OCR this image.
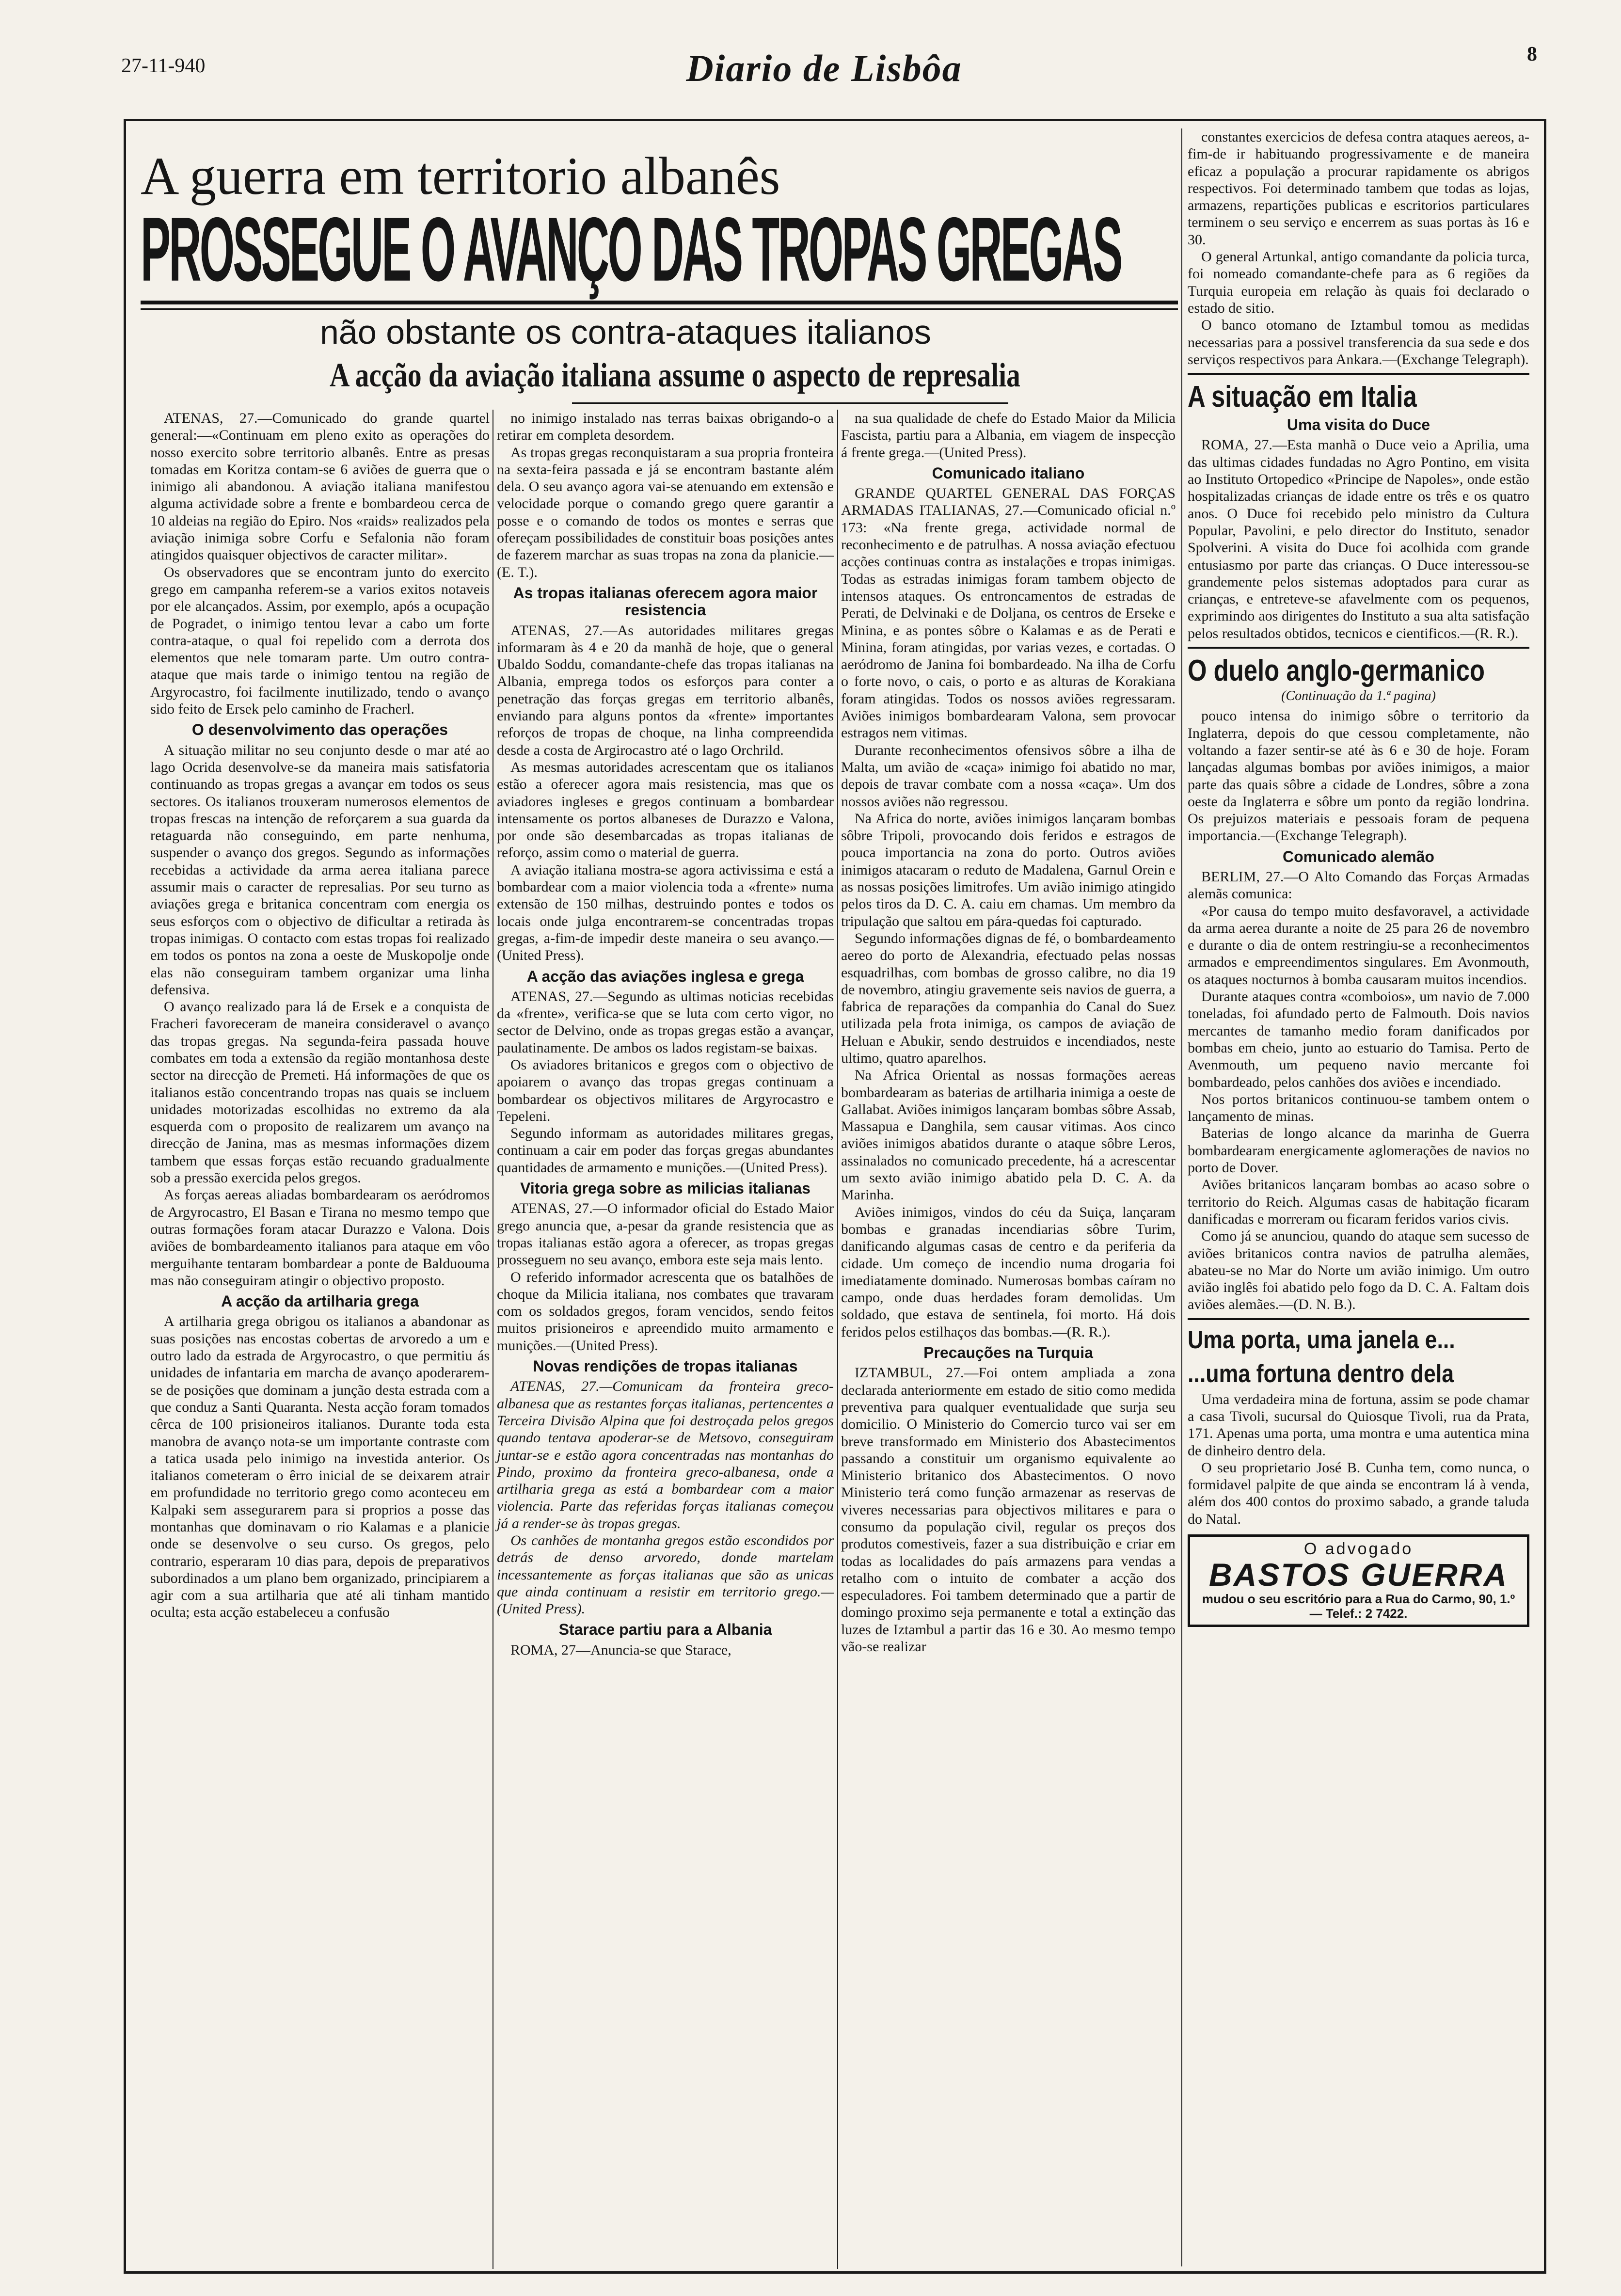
27-11-940	Diario de Lisbôa	8
A guerra em territorio albanês
PROSSEGUE O AVANÇO DAS TROPAS GREGAS
não obstante os contra-ataques italianos
A acção da aviação italiana assume o aspecto de represalia

ATENAS, 27.—Comunicado do grande quartel general:—«Continuam em pleno exito as operações do nosso exercito sobre territorio albanês. Entre as presas tomadas em Koritza contam-se 6 aviões de guerra que o inimigo ali abandonou. A aviação italiana manifestou alguma actividade sobre a frente e bombardeou cerca de 10 aldeias na região do Epiro. Nos «raids» realizados pela aviação inimiga sobre Corfu e Sefalonia não foram atingidos quaisquer objectivos de caracter militar».

Os observadores que se encontram junto do exercito grego em campanha referem-se a varios exitos notaveis por ele alcançados. Assim, por exemplo, após a ocupação de Pogradet, o inimigo tentou levar a cabo um forte contra-ataque, o qual foi repelido com a derrota dos elementos que nele tomaram parte. Um outro contra-ataque que mais tarde o inimigo tentou na região de Argyrocastro, foi facilmente inutilizado, tendo o avanço sido feito de Ersek pelo caminho de Fracherl.

O desenvolvimento das operações

A situação militar no seu conjunto desde o mar até ao lago Ocrida desenvolve-se da maneira mais satisfatoria continuando as tropas gregas a avançar em todos os seus sectores. Os italianos trouxeram numerosos elementos de tropas frescas na intenção de reforçarem a sua guarda da retaguarda não conseguindo, em parte nenhuma, suspender o avanço dos gregos. Segundo as informações recebidas a actividade da arma aerea italiana parece assumir mais o caracter de represalias. Por seu turno as aviações grega e britanica concentram com energia os seus esforços com o objectivo de dificultar a retirada às tropas inimigas. O contacto com estas tropas foi realizado em todos os pontos na zona a oeste de Muskopolje onde elas não conseguiram tambem organizar uma linha defensiva.

O avanço realizado para lá de Ersek e a conquista de Fracheri favoreceram de maneira consideravel o avanço das tropas gregas. Na segunda-feira passada houve combates em toda a extensão da região montanhosa deste sector na direcção de Premeti. Há informações de que os italianos estão concentrando tropas nas quais se incluem unidades motorizadas escolhidas no extremo da ala esquerda com o proposito de realizarem um avanço na direcção de Janina, mas as mesmas informações dizem tambem que essas forças estão recuando gradualmente sob a pressão exercida pelos gregos.

As forças aereas aliadas bombardearam os aeródromos de Argyrocastro, El Basan e Tirana no mesmo tempo que outras formações foram atacar Durazzo e Valona. Dois aviões de bombardeamento italianos para ataque em vôo merguihante tentaram bombardear a ponte de Balduouma mas não conseguiram atingir o objectivo proposto.

A acção da artilharia grega

A artilharia grega obrigou os italianos a abandonar as suas posições nas encostas cobertas de arvoredo a um e outro lado da estrada de Argyrocastro, o que permitiu ás unidades de infantaria em marcha de avanço apoderarem-se de posições que dominam a junção desta estrada com a que conduz a Santi Quaranta. Nesta acção foram tomados cêrca de 100 prisioneiros italianos. Durante toda esta manobra de avanço nota-se um importante contraste com a tatica usada pelo inimigo na investida anterior. Os italianos cometeram o êrro inicial de se deixarem atrair em profundidade no territorio grego como aconteceu em Kalpaki sem assegurarem para si proprios a posse das montanhas que dominavam o rio Kalamas e a planicie onde se desenvolve o seu curso. Os gregos, pelo contrario, esperaram 10 dias para, depois de preparativos subordinados a um plano bem organizado, principiarem a agir com a sua artilharia que até ali tinham mantido oculta; esta acção estabeleceu a confusão

no inimigo instalado nas terras baixas obrigando-o a retirar em completa desordem.

As tropas gregas reconquistaram a sua propria fronteira na sexta-feira passada e já se encontram bastante além dela. O seu avanço agora vai-se atenuando em extensão e velocidade porque o comando grego quere garantir a posse e o comando de todos os montes e serras que ofereçam possibilidades de constituir boas posições antes de fazerem marchar as suas tropas na zona da planicie.—(E. T.).

As tropas italianas oferecem agora maior resistencia

ATENAS, 27.—As autoridades militares gregas informaram às 4 e 20 da manhã de hoje, que o general Ubaldo Soddu, comandante-chefe das tropas italianas na Albania, emprega todos os esforços para conter a penetração das forças gregas em territorio albanês, enviando para alguns pontos da «frente» importantes reforços de tropas de choque, na linha compreendida desde a costa de Argirocastro até o lago Orchrild.

As mesmas autoridades acrescentam que os italianos estão a oferecer agora mais resistencia, mas que os aviadores ingleses e gregos continuam a bombardear intensamente os portos albaneses de Durazzo e Valona, por onde são desembarcadas as tropas italianas de reforço, assim como o material de guerra.

A aviação italiana mostra-se agora activissima e está a bombardear com a maior violencia toda a «frente» numa extensão de 150 milhas, destruindo pontes e todos os locais onde julga encontrarem-se concentradas tropas gregas, a-fim-de impedir deste maneira o seu avanço.—(United Press).

A acção das aviações inglesa e grega

ATENAS, 27.—Segundo as ultimas noticias recebidas da «frente», verifica-se que se luta com certo vigor, no sector de Delvino, onde as tropas gregas estão a avançar, paulatinamente. De ambos os lados registam-se baixas.

Os aviadores britanicos e gregos com o objectivo de apoiarem o avanço das tropas gregas continuam a bombardear os objectivos militares de Argyrocastro e Tepeleni.

Segundo informam as autoridades militares gregas, continuam a cair em poder das forças gregas abundantes quantidades de armamento e munições.—(United Press).

Vitoria grega sobre as milicias italianas

ATENAS, 27.—O informador oficial do Estado Maior grego anuncia que, a-pesar da grande resistencia que as tropas italianas estão agora a oferecer, as tropas gregas prosseguem no seu avanço, embora este seja mais lento.

O referido informador acrescenta que os batalhões de choque da Milicia italiana, nos combates que travaram com os soldados gregos, foram vencidos, sendo feitos muitos prisioneiros e apreendido muito armamento e munições.—(United Press).

Novas rendições de tropas italianas

ATENAS, 27.—Comunicam da fronteira greco-albanesa que as restantes forças italianas, pertencentes a Terceira Divisão Alpina que foi destroçada pelos gregos quando tentava apoderar-se de Metsovo, conseguiram juntar-se e estão agora concentradas nas montanhas do Pindo, proximo da fronteira greco-albanesa, onde a artilharia grega as está a bombardear com a maior violencia. Parte das referidas forças italianas começou já a render-se às tropas gregas.

Os canhões de montanha gregos estão escondidos por detrás de denso arvoredo, donde martelam incessantemente as forças italianas que são as unicas que ainda continuam a resistir em territorio grego.—(United Press).

Starace partiu para a Albania

ROMA, 27—Anuncia-se que Starace,

na sua qualidade de chefe do Estado Maior da Milicia Fascista, partiu para a Albania, em viagem de inspecção á frente grega.—(United Press).

Comunicado italiano

GRANDE QUARTEL GENERAL DAS FORÇAS ARMADAS ITALIANAS, 27.—Comunicado oficial n.º 173: «Na frente grega, actividade normal de reconhecimento e de patrulhas. A nossa aviação efectuou acções continuas contra as instalações e tropas inimigas. Todas as estradas inimigas foram tambem objecto de intensos ataques. Os entroncamentos de estradas de Perati, de Delvinaki e de Doljana, os centros de Erseke e Minina, e as pontes sôbre o Kalamas e as de Perati e Minina, foram atingidas, por varias vezes, e cortadas. O aeródromo de Janina foi bombardeado. Na ilha de Corfu o forte novo, o cais, o porto e as alturas de Korakiana foram atingidas. Todos os nossos aviões regressaram. Aviões inimigos bombardearam Valona, sem provocar estragos nem vitimas.

Durante reconhecimentos ofensivos sôbre a ilha de Malta, um avião de «caça» inimigo foi abatido no mar, depois de travar combate com a nossa «caça». Um dos nossos aviões não regressou.

Na Africa do norte, aviões inimigos lançaram bombas sôbre Tripoli, provocando dois feridos e estragos de pouca importancia na zona do porto. Outros aviões inimigos atacaram o reduto de Madalena, Garnul Orein e as nossas posições limitrofes. Um avião inimigo atingido pelos tiros da D. C. A. caiu em chamas. Um membro da tripulação que saltou em pára-quedas foi capturado.

Segundo informações dignas de fé, o bombardeamento aereo do porto de Alexandria, efectuado pelas nossas esquadrilhas, com bombas de grosso calibre, no dia 19 de novembro, atingiu gravemente seis navios de guerra, a fabrica de reparações da companhia do Canal do Suez utilizada pela frota inimiga, os campos de aviação de Heluan e Abukir, sendo destruidos e incendiados, neste ultimo, quatro aparelhos.

Na Africa Oriental as nossas formações aereas bombardearam as baterias de artilharia inimiga a oeste de Gallabat. Aviões inimigos lançaram bombas sôbre Assab, Massapua e Danghila, sem causar vitimas. Aos cinco aviões inimigos abatidos durante o ataque sôbre Leros, assinalados no comunicado precedente, há a acrescentar um sexto avião inimigo abatido pela D. C. A. da Marinha.

Aviões inimigos, vindos do céu da Suiça, lançaram bombas e granadas incendiarias sôbre Turim, danificando algumas casas de centro e da periferia da cidade. Um começo de incendio numa drogaria foi imediatamente dominado. Numerosas bombas caíram no campo, onde duas herdades foram demolidas. Um soldado, que estava de sentinela, foi morto. Há dois feridos pelos estilhaços das bombas.—(R. R.).

Precauções na Turquia

IZTAMBUL, 27.—Foi ontem ampliada a zona declarada anteriormente em estado de sitio como medida preventiva para qualquer eventualidade que surja seu domicilio. O Ministerio do Comercio turco vai ser em breve transformado em Ministerio dos Abastecimentos passando a constituir um organismo equivalente ao Ministerio britanico dos Abastecimentos. O novo Ministerio terá como função armazenar as reservas de viveres necessarias para objectivos militares e para o consumo da população civil, regular os preços dos produtos comestiveis, fazer a sua distribuição e criar em todas as localidades do país armazens para vendas a retalho com o intuito de combater a acção dos especuladores. Foi tambem determinado que a partir de domingo proximo seja permanente e total a extinção das luzes de Iztambul a partir das 16 e 30. Ao mesmo tempo vão-se realizar

constantes exercicios de defesa contra ataques aereos, a-fim-de ir habituando progressivamente e de maneira eficaz a população a procurar rapidamente os abrigos respectivos. Foi determinado tambem que todas as lojas, armazens, repartições publicas e escritorios particulares terminem o seu serviço e encerrem as suas portas às 16 e 30.

O general Artunkal, antigo comandante da policia turca, foi nomeado comandante-chefe para as 6 regiões da Turquia europeia em relação às quais foi declarado o estado de sitio.

O banco otomano de Iztambul tomou as medidas necessarias para a possivel transferencia da sua sede e dos serviços respectivos para Ankara.—(Exchange Telegraph).

A situação em Italia
Uma visita do Duce

ROMA, 27.—Esta manhã o Duce veio a Aprilia, uma das ultimas cidades fundadas no Agro Pontino, em visita ao Instituto Ortopedico «Principe de Napoles», onde estão hospitalizadas crianças de idade entre os três e os quatro anos. O Duce foi recebido pelo ministro da Cultura Popular, Pavolini, e pelo director do Instituto, senador Spolverini. A visita do Duce foi acolhida com grande entusiasmo por parte das crianças. O Duce interessou-se grandemente pelos sistemas adoptados para curar as crianças, e entreteve-se afavelmente com os pequenos, exprimindo aos dirigentes do Instituto a sua alta satisfação pelos resultados obtidos, tecnicos e cientificos.—(R. R.).

O duelo anglo-germanico
(Continuação da 1.ª pagina)

pouco intensa do inimigo sôbre o territorio da Inglaterra, depois do que cessou completamente, não voltando a fazer sentir-se até às 6 e 30 de hoje. Foram lançadas algumas bombas por aviões inimigos, a maior parte das quais sôbre a cidade de Londres, sôbre a zona oeste da Inglaterra e sôbre um ponto da região londrina. Os prejuizos materiais e pessoais foram de pequena importancia.—(Exchange Telegraph).

Comunicado alemão

BERLIM, 27.—O Alto Comando das Forças Armadas alemãs comunica:

«Por causa do tempo muito desfavoravel, a actividade da arma aerea durante a noite de 25 para 26 de novembro e durante o dia de ontem restringiu-se a reconhecimentos armados e empreendimentos singulares. Em Avonmouth, os ataques nocturnos à bomba causaram muitos incendios.

Durante ataques contra «comboios», um navio de 7.000 toneladas, foi afundado perto de Falmouth. Dois navios mercantes de tamanho medio foram danificados por bombas em cheio, junto ao estuario do Tamisa. Perto de Avenmouth, um pequeno navio mercante foi bombardeado, pelos canhões dos aviões e incendiado.

Nos portos britanicos continuou-se tambem ontem o lançamento de minas.

Baterias de longo alcance da marinha de Guerra bombardearam energicamente aglomerações de navios no porto de Dover.

Aviões britanicos lançaram bombas ao acaso sobre o territorio do Reich. Algumas casas de habitação ficaram danificadas e morreram ou ficaram feridos varios civis.

Como já se anunciou, quando do ataque sem sucesso de aviões britanicos contra navios de patrulha alemães, abateu-se no Mar do Norte um avião inimigo. Um outro avião inglês foi abatido pelo fogo da D. C. A. Faltam dois aviões alemães.—(D. N. B.).

Uma porta, uma janela e...
...uma fortuna dentro dela

Uma verdadeira mina de fortuna, assim se pode chamar a casa Tivoli, sucursal do Quiosque Tivoli, rua da Prata, 171. Apenas uma porta, uma montra e uma autentica mina de dinheiro dentro dela.

O seu proprietario José B. Cunha tem, como nunca, o formidavel palpite de que ainda se encontram lá à venda, além dos 400 contos do proximo sabado, a grande taluda do Natal.

O advogado
BASTOS GUERRA
mudou o seu escritório para a Rua do Carmo, 90, 1.º — Telef.: 2 7422.
